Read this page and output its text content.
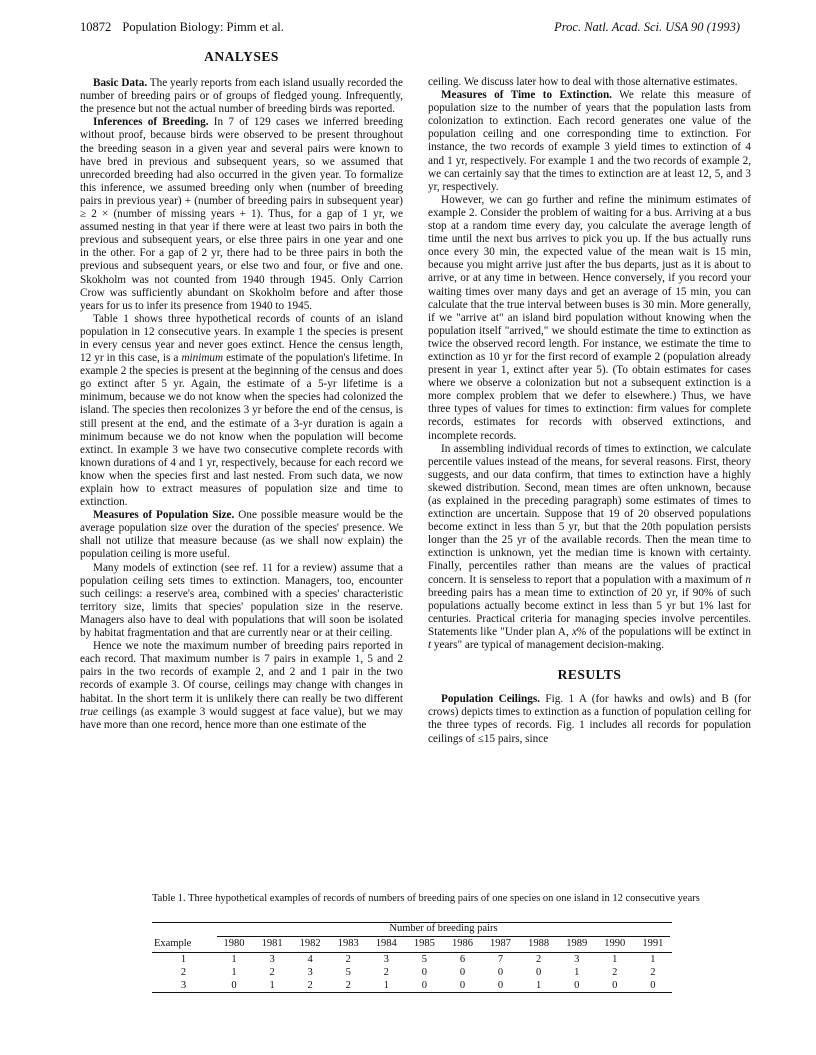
10872 Population Biology: Pimm et al.	Proc. Natl. Acad. Sci. USA 90 (1993)
ANALYSES

Basic Data. The yearly reports from each island usually recorded the number of breeding pairs or of groups of fledged young. Infrequently, the presence but not the actual number of breeding birds was reported.

Inferences of Breeding. In 7 of 129 cases we inferred breeding without proof, because birds were observed to be present throughout the breeding season in a given year and several pairs were known to have bred in previous and subsequent years, so we assumed that unrecorded breeding had also occurred in the given year. To formalize this inference, we assumed breeding only when (number of breeding pairs in previous year) + (number of breeding pairs in subsequent year) ≥ 2 × (number of missing years + 1). Thus, for a gap of 1 yr, we assumed nesting in that year if there were at least two pairs in both the previous and subsequent years, or else three pairs in one year and one in the other. For a gap of 2 yr, there had to be three pairs in both the previous and subsequent years, or else two and four, or five and one. Skokholm was not counted from 1940 through 1945. Only Carrion Crow was sufficiently abundant on Skokholm before and after those years for us to infer its presence from 1940 to 1945.

Table 1 shows three hypothetical records of counts of an island population in 12 consecutive years. In example 1 the species is present in every census year and never goes extinct. Hence the census length, 12 yr in this case, is a minimum estimate of the population's lifetime. In example 2 the species is present at the beginning of the census and does go extinct after 5 yr. Again, the estimate of a 5-yr lifetime is a minimum, because we do not know when the species had colonized the island. The species then recolonizes 3 yr before the end of the census, is still present at the end, and the estimate of a 3-yr duration is again a minimum because we do not know when the population will become extinct. In example 3 we have two consecutive complete records with known durations of 4 and 1 yr, respectively, because for each record we know when the species first and last nested. From such data, we now explain how to extract measures of population size and time to extinction.

Measures of Population Size. One possible measure would be the average population size over the duration of the species' presence. We shall not utilize that measure because (as we shall now explain) the population ceiling is more useful.

Many models of extinction (see ref. 11 for a review) assume that a population ceiling sets times to extinction. Managers, too, encounter such ceilings: a reserve's area, combined with a species' characteristic territory size, limits that species' population size in the reserve. Managers also have to deal with populations that will soon be isolated by habitat fragmentation and that are currently near or at their ceiling.

Hence we note the maximum number of breeding pairs reported in each record. That maximum number is 7 pairs in example 1, 5 and 2 pairs in the two records of example 2, and 2 and 1 pair in the two records of example 3. Of course, ceilings may change with changes in habitat. In the short term it is unlikely there can really be two different true ceilings (as example 3 would suggest at face value), but we may have more than one record, hence more than one estimate of the

ceiling. We discuss later how to deal with those alternative estimates.

Measures of Time to Extinction. We relate this measure of population size to the number of years that the population lasts from colonization to extinction. Each record generates one value of the population ceiling and one corresponding time to extinction. For instance, the two records of example 3 yield times to extinction of 4 and 1 yr, respectively. For example 1 and the two records of example 2, we can certainly say that the times to extinction are at least 12, 5, and 3 yr, respectively.

However, we can go further and refine the minimum estimates of example 2. Consider the problem of waiting for a bus. Arriving at a bus stop at a random time every day, you calculate the average length of time until the next bus arrives to pick you up. If the bus actually runs once every 30 min, the expected value of the mean wait is 15 min, because you might arrive just after the bus departs, just as it is about to arrive, or at any time in between. Hence conversely, if you record your waiting times over many days and get an average of 15 min, you can calculate that the true interval between buses is 30 min. More generally, if we "arrive at" an island bird population without knowing when the population itself "arrived," we should estimate the time to extinction as twice the observed record length. For instance, we estimate the time to extinction as 10 yr for the first record of example 2 (population already present in year 1, extinct after year 5). (To obtain estimates for cases where we observe a colonization but not a subsequent extinction is a more complex problem that we defer to elsewhere.) Thus, we have three types of values for times to extinction: firm values for complete records, estimates for records with observed extinctions, and incomplete records.

In assembling individual records of times to extinction, we calculate percentile values instead of the means, for several reasons. First, theory suggests, and our data confirm, that times to extinction have a highly skewed distribution. Second, mean times are often unknown, because (as explained in the preceding paragraph) some estimates of times to extinction are uncertain. Suppose that 19 of 20 observed populations become extinct in less than 5 yr, but that the 20th population persists longer than the 25 yr of the available records. Then the mean time to extinction is unknown, yet the median time is known with certainty. Finally, percentiles rather than means are the values of practical concern. It is senseless to report that a population with a maximum of n breeding pairs has a mean time to extinction of 20 yr, if 90% of such populations actually become extinct in less than 5 yr but 1% last for centuries. Practical criteria for managing species involve percentiles. Statements like "Under plan A, x% of the populations will be extinct in t years" are typical of management decision-making.

RESULTS

Population Ceilings. Fig. 1 A (for hawks and owls) and B (for crows) depicts times to extinction as a function of population ceiling for the three types of records. Fig. 1 includes all records for population ceilings of ≤15 pairs, since

Table 1. Three hypothetical examples of records of numbers of breeding pairs of one species on one island in 12 consecutive years

	Number of breeding pairs											

Example	1980	1981	1982	1983	1984	1985	1986	1987	1988	1989	1990	1991
1	1	3	4	2	3	5	6	7	2	3	1	1
2	1	2	3	5	2	0	0	0	0	1	2	2
3	0	1	2	2	1	0	0	0	1	0	0	0
